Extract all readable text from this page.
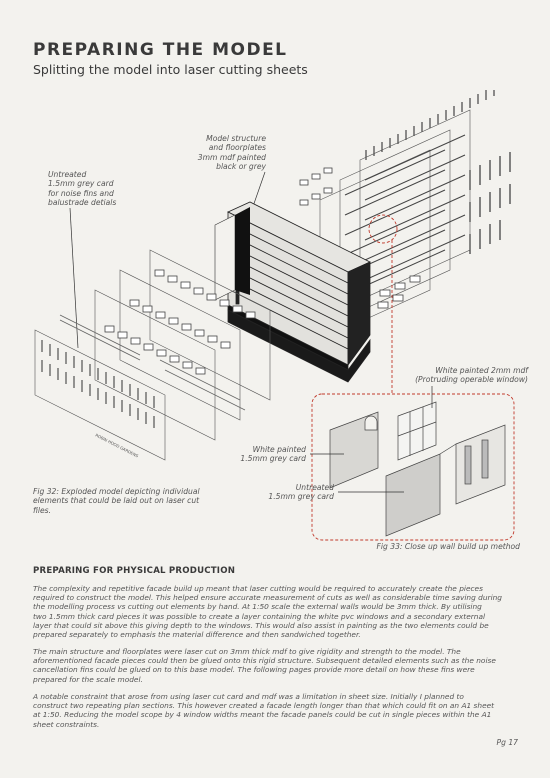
PREPARING THE MODEL
Splitting the model into laser cutting sheets
ROBIN HOOD GARDENS
Model structure
and floorplates
3mm mdf painted
black or grey
Untreated
1.5mm grey card
for noise fins and
balustrade detials
Fig 32: Exploded model depicting individual
elements that could be laid out on laser cut
files.
White painted 2mm mdf
(Protruding operable window)
White painted
1.5mm grey card
Untreated
1.5mm grey card
Fig 33: Close up wall build up method
PREPARING FOR PHYSICAL PRODUCTION
The complexity and repetitive facade build up meant that laser cutting would be required to accurately create the pieces
required to construct the model. This helped ensure accurate measurement of cuts as well as considerable time saving during
the modelling process vs cutting out elements by hand. At 1:50 scale the external walls would be 3mm thick. By utilising
two 1.5mm thick card pieces it was possible to create a layer containing the white pvc windows and a secondary external
layer that could sit above this giving depth to the windows. This would also assist in painting as the two elements could be
prepared separately to emphasis the material difference and then sandwiched together.
The main structure and floorplates were laser cut on 3mm thick mdf to give rigidity and strength to the model. The
aforementioned facade pieces could then be glued onto this rigid structure. Subsequent detailed elements such as the noise
cancellation fins could be glued on to this base model. The following pages provide more detail on how these fins were
prepared for the scale model.
A notable constraint that arose from using laser cut card and mdf was a limitation in sheet size. Initially I planned to
construct two repeating plan sections. This however created a facade length longer than that which could fit on an A1 sheet
at 1:50. Reducing the model scope by 4 window widths meant the facade panels could be cut in single pieces within the A1
sheet constraints.
Pg 17
